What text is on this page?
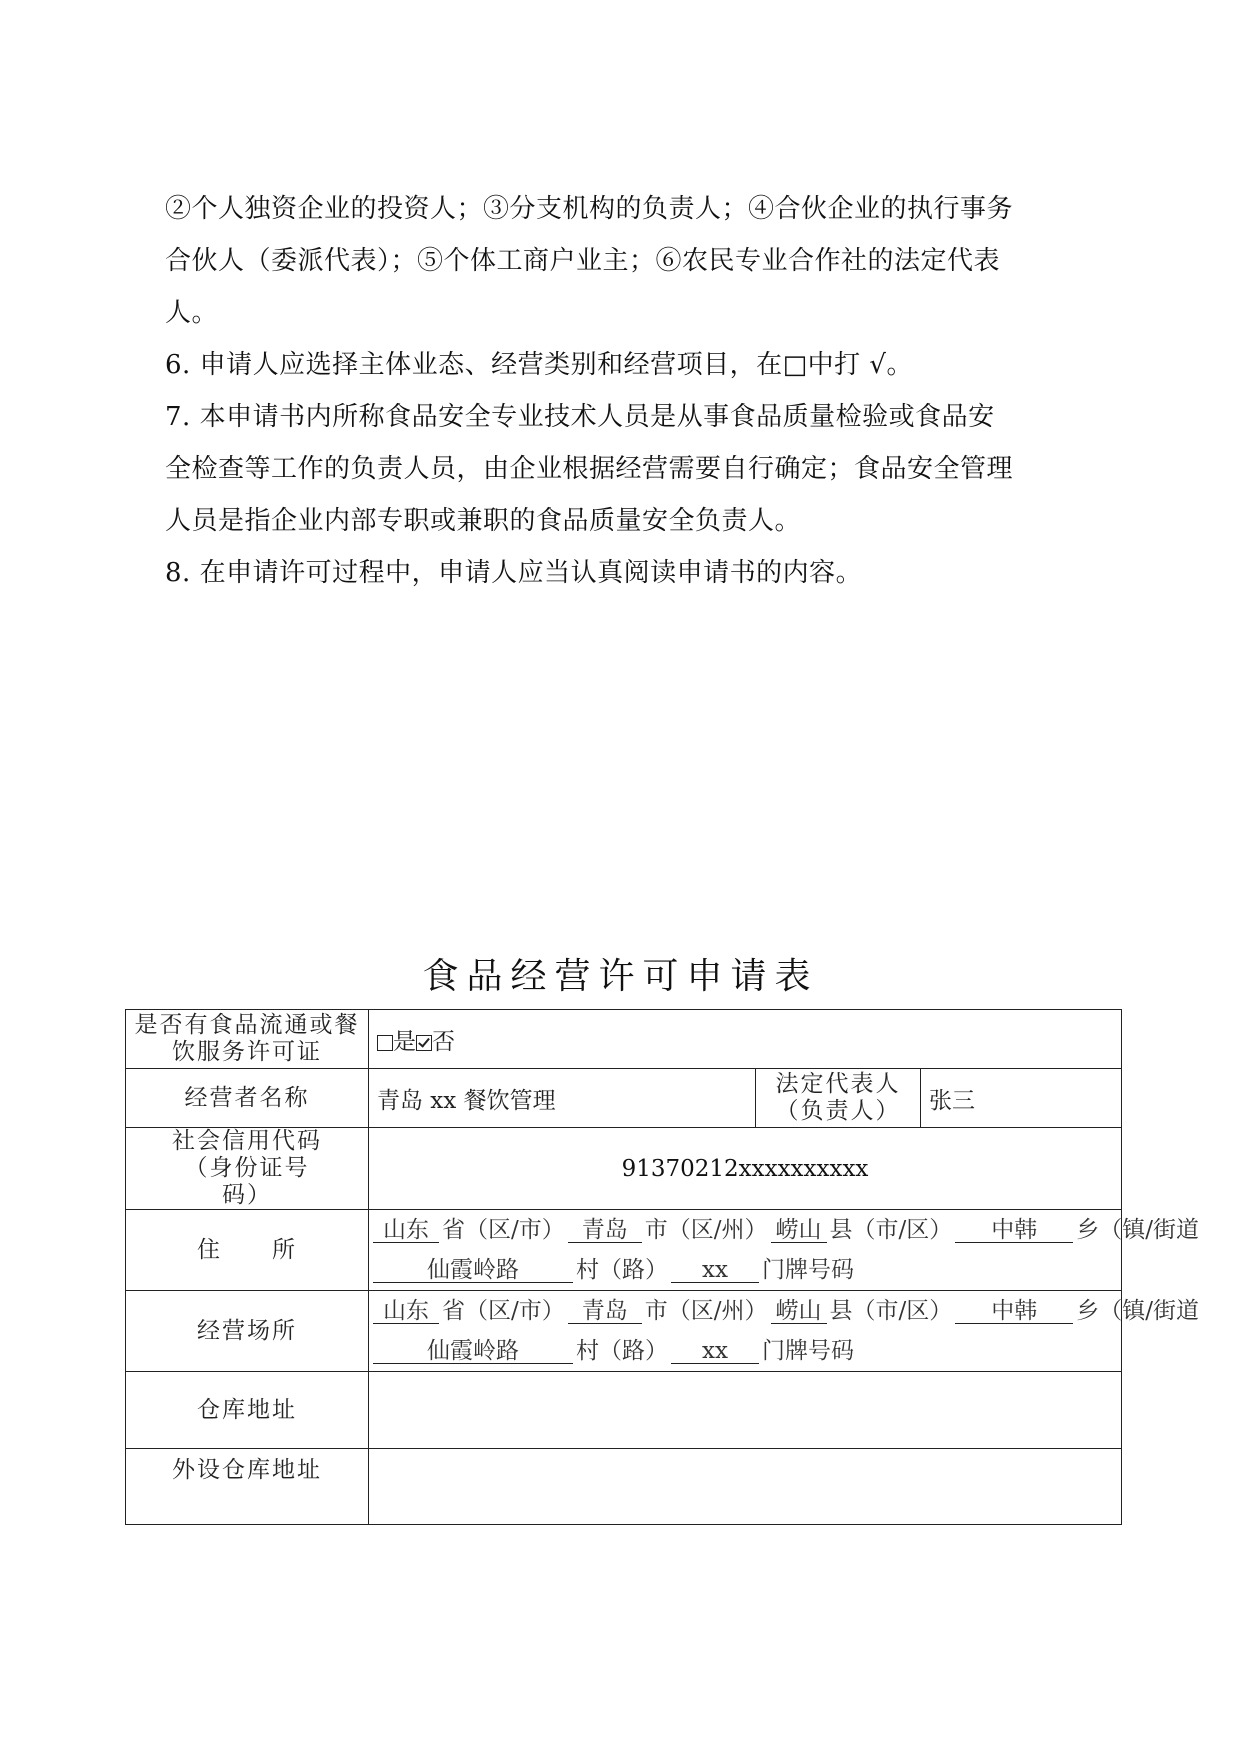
②个人独资企业的投资人；③分支机构的负责人；④合伙企业的执行事务

合伙人（委派代表）；⑤个体工商户业主；⑥农民专业合作社的法定代表

人。

6. 申请人应选择主体业态、经营类别和经营项目，在□中打 √。

7. 本申请书内所称食品安全专业技术人员是从事食品质量检验或食品安

全检查等工作的负责人员，由企业根据经营需要自行确定；食品安全管理

人员是指企业内部专职或兼职的食品质量安全负责人。

8. 在申请许可过程中，申请人应当认真阅读申请书的内容。

食品经营许可申请表
是否有食品流通或餐饮服务许可证	是 否		
经营者名称	青岛 xx 餐饮管理	法定代表人（负责人）	张三
社会信用代码（身份证号码）	91370212xxxxxxxxxx		
住　　所	山东 省（区/市） 青岛 市（区/州） 崂山 县（市/区） 中韩 乡（镇/街道
仙霞岭路 村（路） xx 门牌号码		

经营场所	山东 省（区/市） 青岛 市（区/州） 崂山 县（市/区） 中韩 乡（镇/街道
仙霞岭路 村（路） xx 门牌号码		

仓库地址			
外设仓库地址			
